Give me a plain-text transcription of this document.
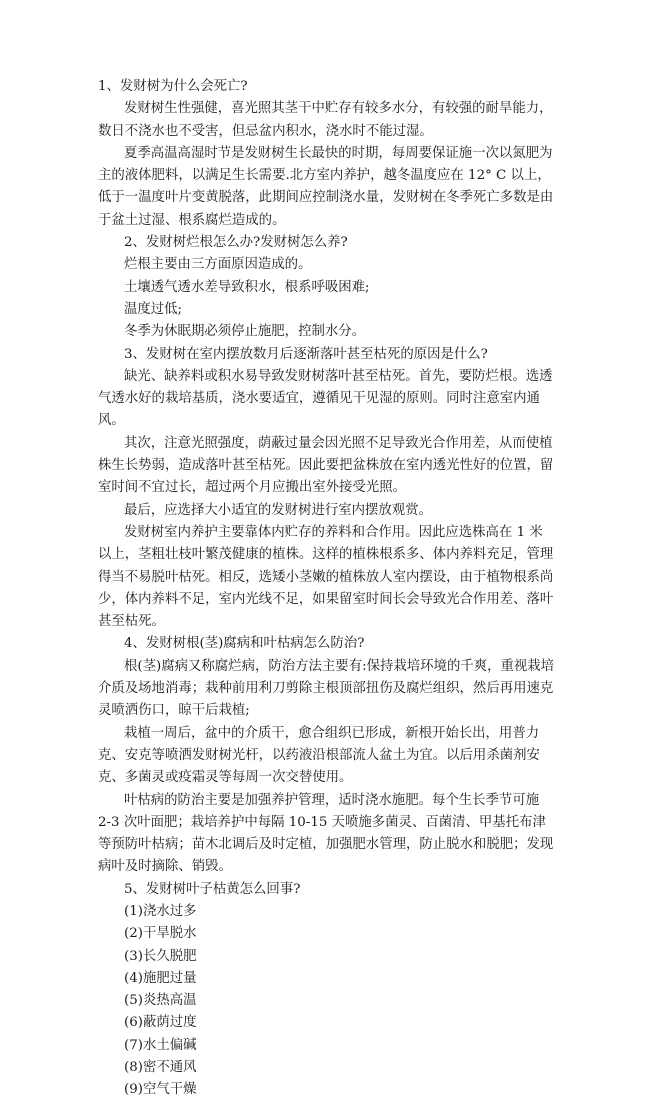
1、发财树为什么会死亡?

发财树生性强健，喜光照其茎干中贮存有较多水分，有较强的耐旱能力，数日不浇水也不受害，但忌盆内积水，浇水时不能过湿。

夏季高温高湿时节是发财树生长最快的时期，每周要保证施一次以氮肥为主的液体肥料，以满足生长需要.北方室内养护，越冬温度应在 12° C 以上，低于一温度叶片变黄脱落，此期间应控制浇水量，发财树在冬季死亡多数是由于盆土过湿、根系腐烂造成的。

2、发财树烂根怎么办?发财树怎么养?

烂根主要由三方面原因造成的。

土壤透气透水差导致积水，根系呼吸困难;

温度过低;

冬季为休眠期必须停止施肥，控制水分。

3、发财树在室内摆放数月后逐渐落叶甚至枯死的原因是什么?

缺光、缺养料或积水易导致发财树落叶甚至枯死。首先，要防烂根。选透气透水好的栽培基质，浇水要适宜，遵循见干见湿的原则。同时注意室内通风。

其次，注意光照强度，荫蔽过量会因光照不足导致光合作用差，从而使植株生长势弱，造成落叶甚至枯死。因此要把盆株放在室内透光性好的位置，留室时间不宜过长，超过两个月应搬出室外接受光照。

最后，应选择大小适宜的发财树进行室内摆放观赏。

发财树室内养护主要靠体内贮存的养料和合作用。因此应选株高在 1 米以上，茎粗壮枝叶繁茂健康的植株。这样的植株根系多、体内养料充足，管理得当不易脱叶枯死。相反，选矮小茎嫩的植株放人室内摆设，由于植物根系尚少，体内养料不足，室内光线不足，如果留室时间长会导致光合作用差、落叶甚至枯死。

4、发财树根(茎)腐病和叶枯病怎么防治?

根(茎)腐病又称腐烂病，防治方法主要有:保持栽培环境的千爽，重视栽培介质及场地消毒；栽种前用利刀剪除主根顶部扭伤及腐烂组织，然后再用速克灵喷洒伤口，晾干后栽植;

栽植一周后，盆中的介质干，愈合组织已形成，新根开始长出，用普力克、安克等喷洒发财树光杆，以药液沿根部流人盆土为宜。以后用杀菌剂安克、多菌灵或疫霜灵等每周一次交替使用。

叶枯病的防治主要是加强养护管理，适时浇水施肥。每个生长季节可施 2-3 次叶面肥；栽培养护中每隔 10-15 天喷施多菌灵、百菌清、甲基托布津等预防叶枯病；苗木北调后及时定植，加强肥水管理，防止脱水和脱肥；发现病叶及时摘除、销毁。

5、发财树叶子枯黄怎么回事?

(1)浇水过多
(2)干旱脱水
(3)长久脱肥
(4)施肥过量
(5)炎热高温
(6)蔽荫过度
(7)水土偏碱
(8)密不通风
(9)空气干燥
